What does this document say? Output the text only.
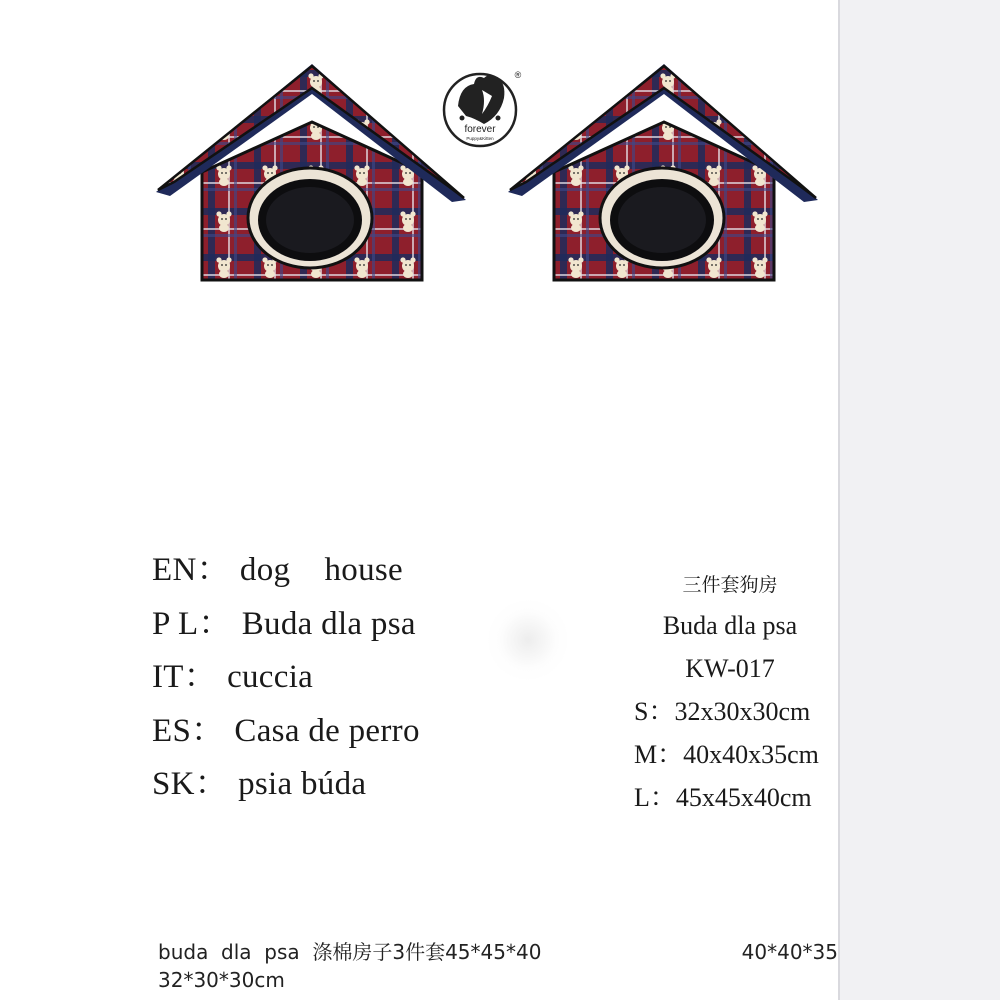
forever
Puppy&Kitten
®
EN： dog    house
P L： Buda dla psa
IT： cuccia
ES： Casa de perro
SK： psia búda
三件套狗房
Buda dla psa
KW-017
S：32x30x30cm
M：40x40x35cm
L：45x45x40cm
buda  dla  psa  涤棉房子3件套45*45*40	40*40*35
32*30*30cm
